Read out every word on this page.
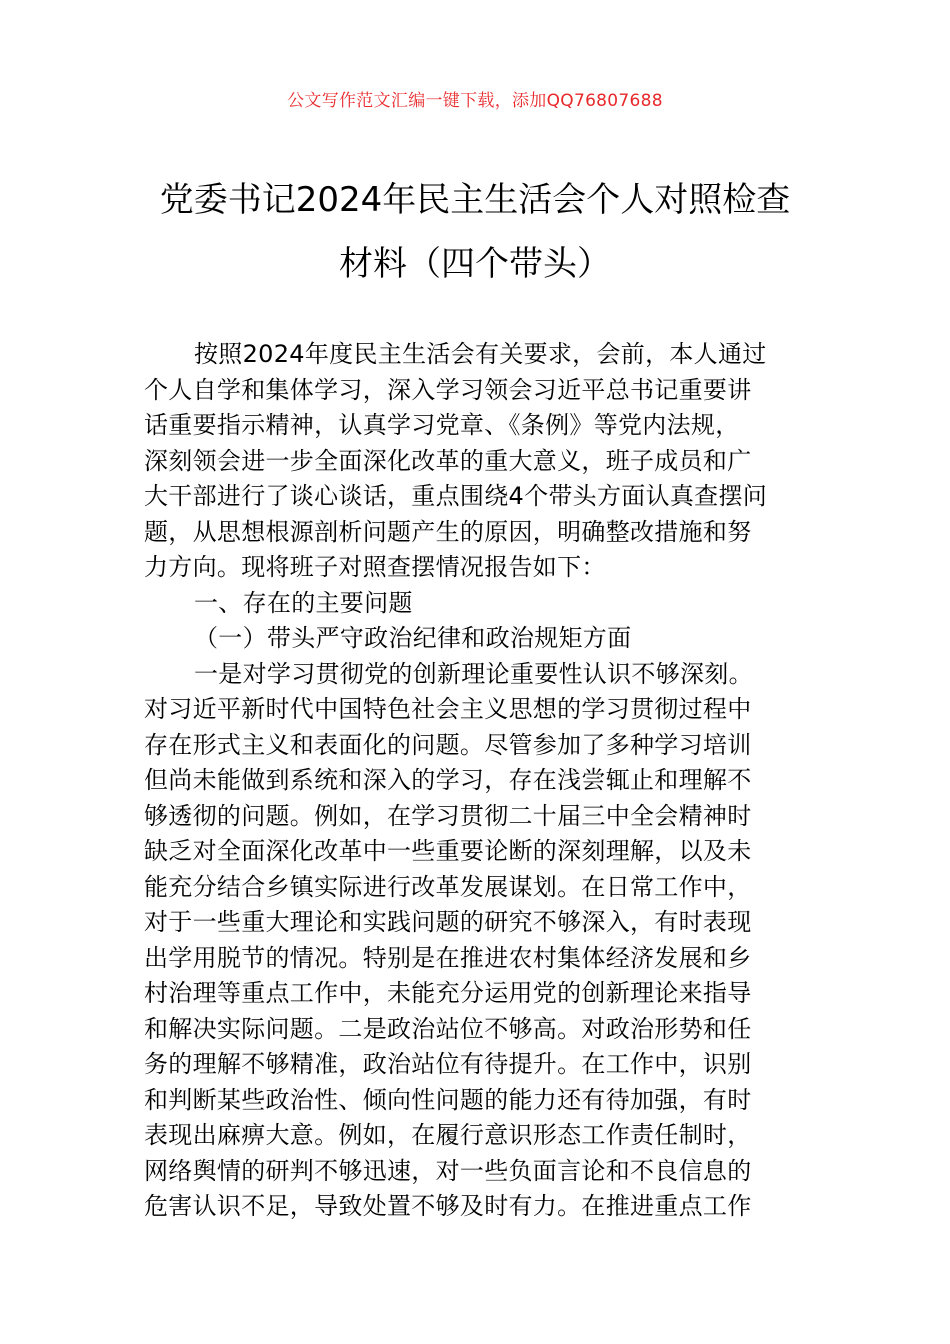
公文写作范文汇编一键下载，添加QQ76807688
党委书记2024年民主生活会个人对照检查
材料（四个带头）
按照2024年度民主生活会有关要求，会前，本人通过
个人自学和集体学习，深入学习领会习近平总书记重要讲
话重要指示精神，认真学习党章、《条例》等党内法规，
深刻领会进一步全面深化改革的重大意义，班子成员和广
大干部进行了谈心谈话，重点围绕4个带头方面认真查摆问
题，从思想根源剖析问题产生的原因，明确整改措施和努
力方向。现将班子对照查摆情况报告如下：
一、存在的主要问题
（一）带头严守政治纪律和政治规矩方面
一是对学习贯彻党的创新理论重要性认识不够深刻。
对习近平新时代中国特色社会主义思想的学习贯彻过程中
存在形式主义和表面化的问题。尽管参加了多种学习培训
但尚未能做到系统和深入的学习，存在浅尝辄止和理解不
够透彻的问题。例如，在学习贯彻二十届三中全会精神时
缺乏对全面深化改革中一些重要论断的深刻理解，以及未
能充分结合乡镇实际进行改革发展谋划。在日常工作中，
对于一些重大理论和实践问题的研究不够深入，有时表现
出学用脱节的情况。特别是在推进农村集体经济发展和乡
村治理等重点工作中，未能充分运用党的创新理论来指导
和解决实际问题。二是政治站位不够高。对政治形势和任
务的理解不够精准，政治站位有待提升。在工作中，识别
和判断某些政治性、倾向性问题的能力还有待加强，有时
表现出麻痹大意。例如，在履行意识形态工作责任制时，
网络舆情的研判不够迅速，对一些负面言论和不良信息的
危害认识不足，导致处置不够及时有力。在推进重点工作
